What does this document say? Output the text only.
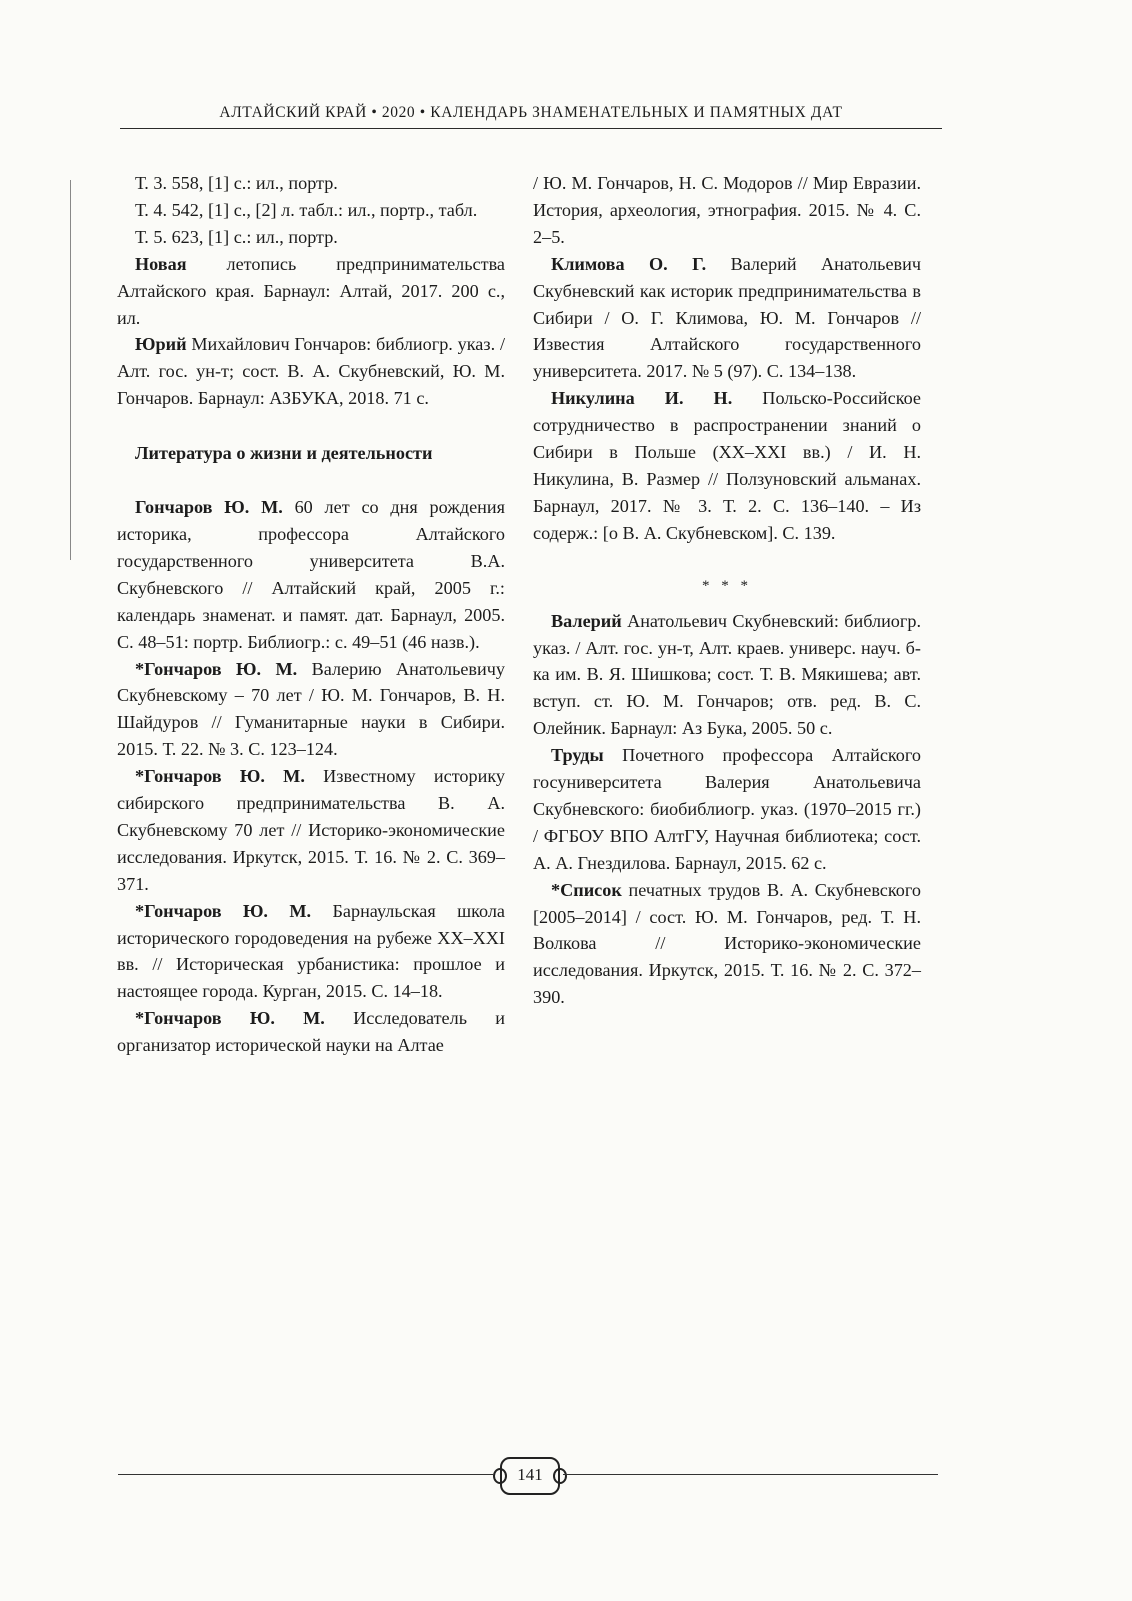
АЛТАЙСКИЙ КРАЙ • 2020 • КАЛЕНДАРЬ ЗНАМЕНАТЕЛЬНЫХ И ПАМЯТНЫХ ДАТ

Т. 3. 558, [1] с.: ил., портр.

Т. 4. 542, [1] с., [2] л. табл.: ил., портр., табл.

Т. 5. 623, [1] с.: ил., портр.

Новая летопись предпринимательства Алтайского края. Барнаул: Алтай, 2017. 200 с., ил.

Юрий Михайлович Гончаров: библиогр. указ. / Алт. гос. ун-т; сост. В. А. Скубневский, Ю. М. Гончаров. Барнаул: АЗБУКА, 2018. 71 с.

Литература о жизни и деятельности

Гончаров Ю. М. 60 лет со дня рождения историка, профессора Алтайского государственного университета В.А. Скубневского // Алтайский край, 2005 г.: календарь знаменат. и памят. дат. Барнаул, 2005. С. 48–51: портр. Библиогр.: с. 49–51 (46 назв.).

*Гончаров Ю. М. Валерию Анатольевичу Скубневскому – 70 лет / Ю. М. Гончаров, В. Н. Шайдуров // Гуманитарные науки в Сибири. 2015. Т. 22. № 3. С. 123–124.

*Гончаров Ю. М. Известному историку сибирского предпринимательства В. А. Скубневскому 70 лет // Историко-экономические исследования. Иркутск, 2015. Т. 16. № 2. С. 369–371.

*Гончаров Ю. М. Барнаульская школа исторического городоведения на рубеже XX–XXI вв. // Историческая урбанистика: прошлое и настоящее города. Курган, 2015. С. 14–18.

*Гончаров Ю. М. Исследователь и организатор исторической науки на Алтае

/ Ю. М. Гончаров, Н. С. Модоров // Мир Евразии. История, археология, этнография. 2015. № 4. С. 2–5.

Климова О. Г. Валерий Анатольевич Скубневский как историк предпринимательства в Сибири / О. Г. Климова, Ю. М. Гончаров // Известия Алтайского государственного университета. 2017. № 5 (97). С. 134–138.

Никулина И. Н. Польско-Российское сотрудничество в распространении знаний о Сибири в Польше (XX–XXI вв.) / И. Н. Никулина, В. Размер // Ползуновский альманах. Барнаул, 2017. № 3. Т. 2. С. 136–140. – Из содерж.: [о В. А. Скубневском]. С. 139.

* * *

Валерий Анатольевич Скубневский: библиогр. указ. / Алт. гос. ун-т, Алт. краев. универс. науч. б-ка им. В. Я. Шишкова; сост. Т. В. Мякишева; авт. вступ. ст. Ю. М. Гончаров; отв. ред. В. С. Олейник. Барнаул: Аз Бука, 2005. 50 с.

Труды Почетного профессора Алтайского госуниверситета Валерия Анатольевича Скубневского: биобиблиогр. указ. (1970–2015 гг.) / ФГБОУ ВПО АлтГУ, Научная библиотека; сост. А. А. Гнездилова. Барнаул, 2015. 62 с.

*Список печатных трудов В. А. Скубневского [2005–2014] / сост. Ю. М. Гончаров, ред. Т. Н. Волкова // Историко-экономические исследования. Иркутск, 2015. Т. 16. № 2. С. 372–390.

141
